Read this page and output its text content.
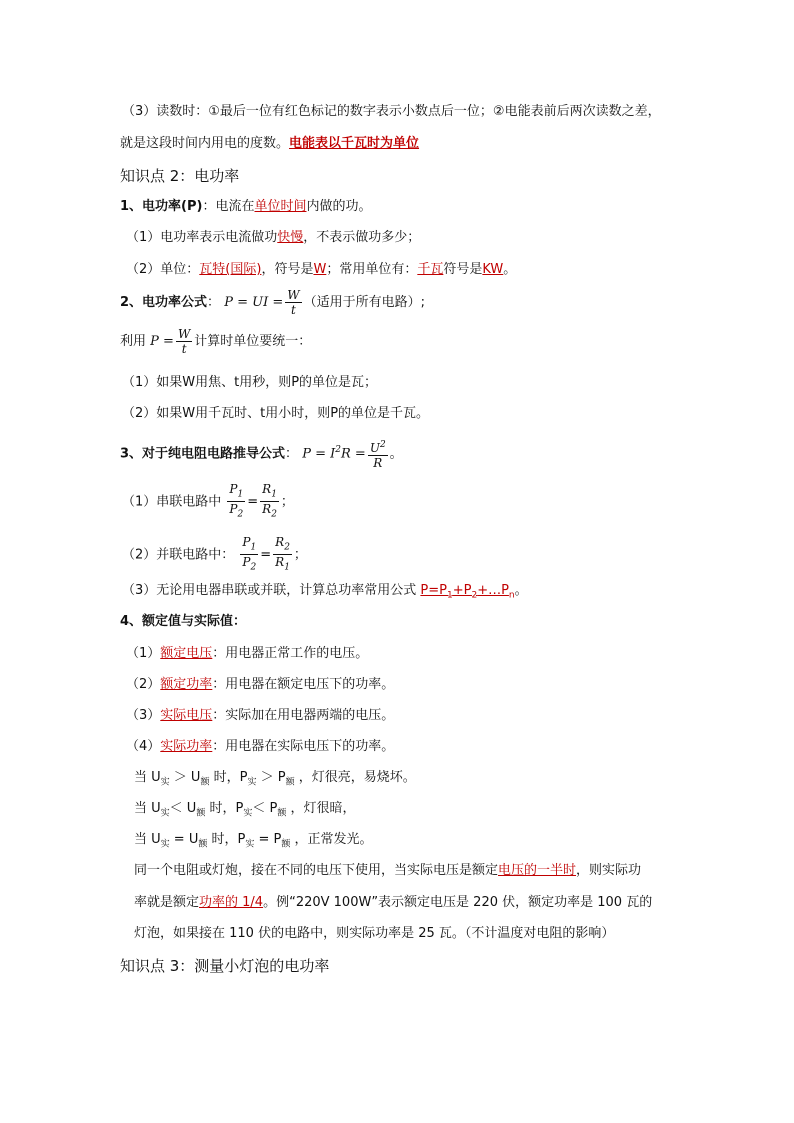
（3）读数时：①最后一位有红色标记的数字表示小数点后一位；②电能表前后两次读数之差，
就是这段时间内用电的度数。电能表以千瓦时为单位
知识点 2：电功率
1、电功率(P)：电流在单位时间内做的功。
（1）电功率表示电流做功快慢，不表示做功多少；
（2）单位：瓦特(国际)，符号是W；常用单位有：千瓦符号是KW。
2、电功率公式： P = UI = $\frac{W}{t}$ （适用于所有电路）;
利用 $P = \frac{W}{t}$ 计算时单位要统一：
（1）如果W用焦、t用秒，则P的单位是瓦；
（2）如果W用千瓦时、t用小时，则P的单位是千瓦。
3、对于纯电阻电路推导公式： $P = I^2R = \frac{U^2}{R}$ 。
（1）串联电路中 $\frac{P_1}{P_2} = \frac{R_1}{R_2}$ ；
（2）并联电路中： $\frac{P_1}{P_2} = \frac{R_2}{R_1}$ ；
（3）无论用电器串联或并联，计算总功率常用公式 $P=P_1+P_2+\dots P_n$。
4、额定值与实际值：
（1）额定电压：用电器正常工作的电压。
（2）额定功率：用电器在额定电压下的功率。
（3）实际电压：实际加在用电器两端的电压。
（4）实际功率：用电器在实际电压下的功率。
当 $U_实 > U_额$ 时，$P_实 > P_额$ ，灯很亮，易烧坏。
当 $U_实< U_额$ 时，$P_实< P_额$ ，灯很暗，
当 $U_实 = U_额$ 时，$P_实 = P_额$ ，正常发光。
同一个电阻或灯炮，接在不同的电压下使用，当实际电压是额定电压的一半时，则实际功
率就是额定功率的 1/4。例“220V 100W”表示额定电压是 220 伏，额定功率是 100 瓦的
灯泡，如果接在 110 伏的电路中，则实际功率是 25 瓦。（不计温度对电阻的影响）
知识点 3：测量小灯泡的电功率
